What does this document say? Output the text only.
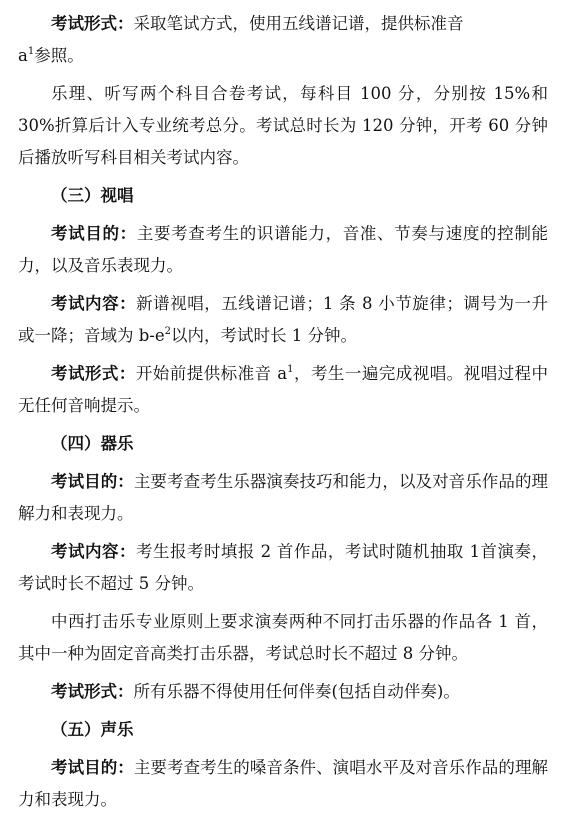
考试形式：采取笔试方式，使用五线谱记谱，提供标准音
$a^1$参照。

乐理、听写两个科目合卷考试，每科目 100 分，分别按 15%和 30%折算后计入专业统考总分。考试总时长为 120 分钟，开考 60 分钟后播放听写科目相关考试内容。

（三）视唱

考试目的：主要考查考生的识谱能力，音准、节奏与速度的控制能力，以及音乐表现力。

考试内容：新谱视唱，五线谱记谱；1 条 8 小节旋律；调号为一升或一降；音域为 $b-e^2$以内，考试时长 1 分钟。

考试形式：开始前提供标准音 $a^1$，考生一遍完成视唱。视唱过程中无任何音响提示。

（四）器乐

考试目的：主要考查考生乐器演奏技巧和能力，以及对音乐作品的理解力和表现力。

考试内容：考生报考时填报 2 首作品，考试时随机抽取 1首演奏，考试时长不超过 5 分钟。

中西打击乐专业原则上要求演奏两种不同打击乐器的作品各 1 首，其中一种为固定音高类打击乐器，考试总时长不超过 8 分钟。

考试形式：所有乐器不得使用任何伴奏(包括自动伴奏)。

（五）声乐

考试目的：主要考查考生的嗓音条件、演唱水平及对音乐作品的理解力和表现力。
